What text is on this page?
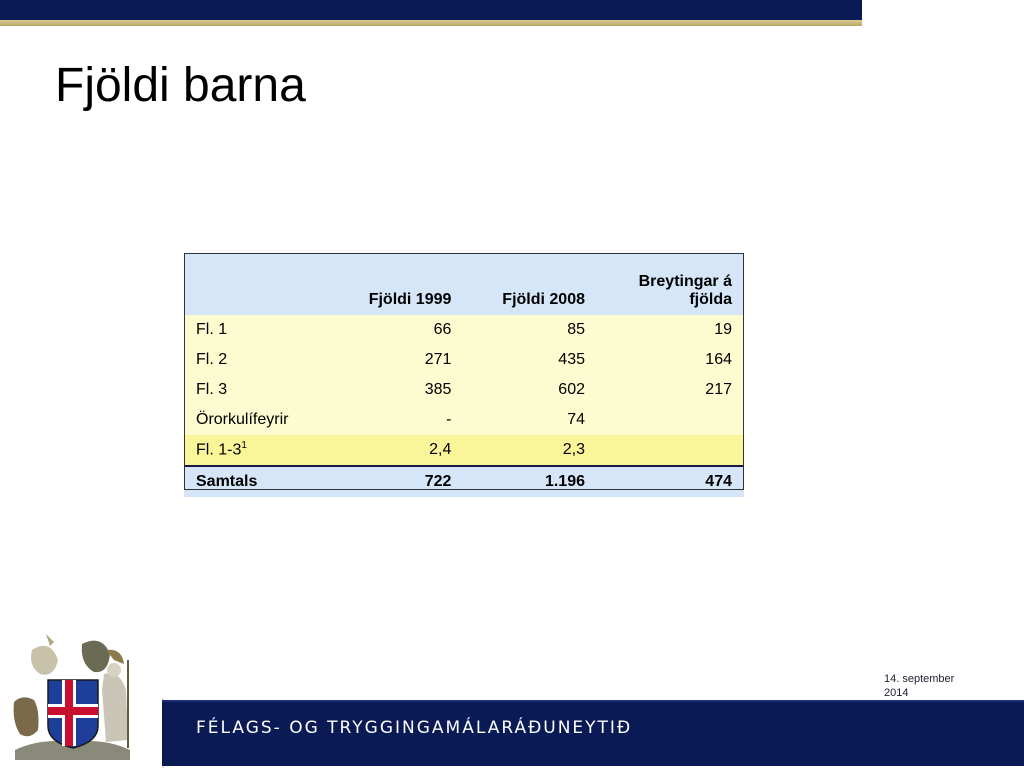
Fjöldi barna
	Fjöldi 1999	Fjöldi 2008	Breytingar á
fjölda
Fl. 1	66	85	19
Fl. 2	271	435	164
Fl. 3	385	602	217
Örorkulífeyrir	-	74	
Fl. $1-3^1$	2,4	2,3	
Samtals	722	1.196	474
FÉLAGS- OG TRYGGINGAMÁLARÁÐUNEYTIÐ
14. september
2014
